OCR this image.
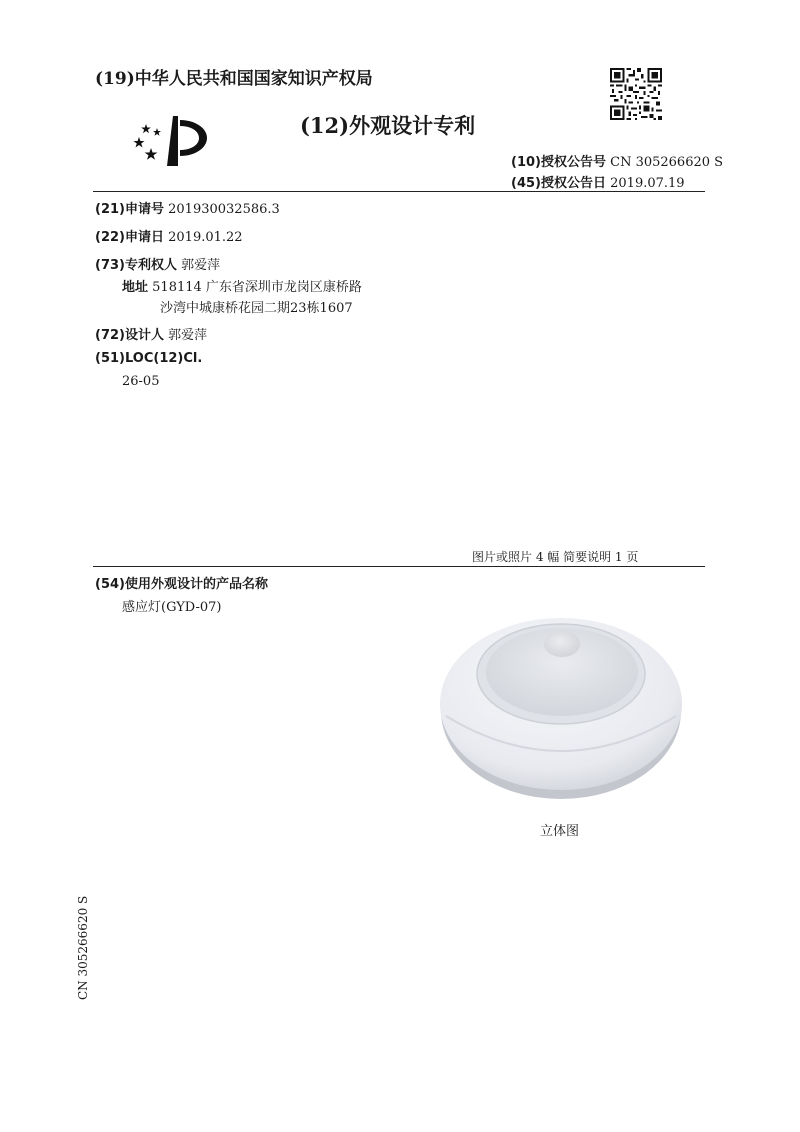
(19)中华人民共和国国家知识产权局
(12)外观设计专利
(10)授权公告号 CN 305266620 S
(45)授权公告日 2019.07.19
(21)申请号 201930032586.3
(22)申请日 2019.01.22
(73)专利权人 郭爱萍
地址 518114 广东省深圳市龙岗区康桥路
沙湾中城康桥花园二期23栋1607
(72)设计人 郭爱萍
(51)LOC(12)Cl.
26-05
图片或照片 4 幅 简要说明 1 页
(54)使用外观设计的产品名称
感应灯(GYD-07)
立体图
CN 305266620 S
